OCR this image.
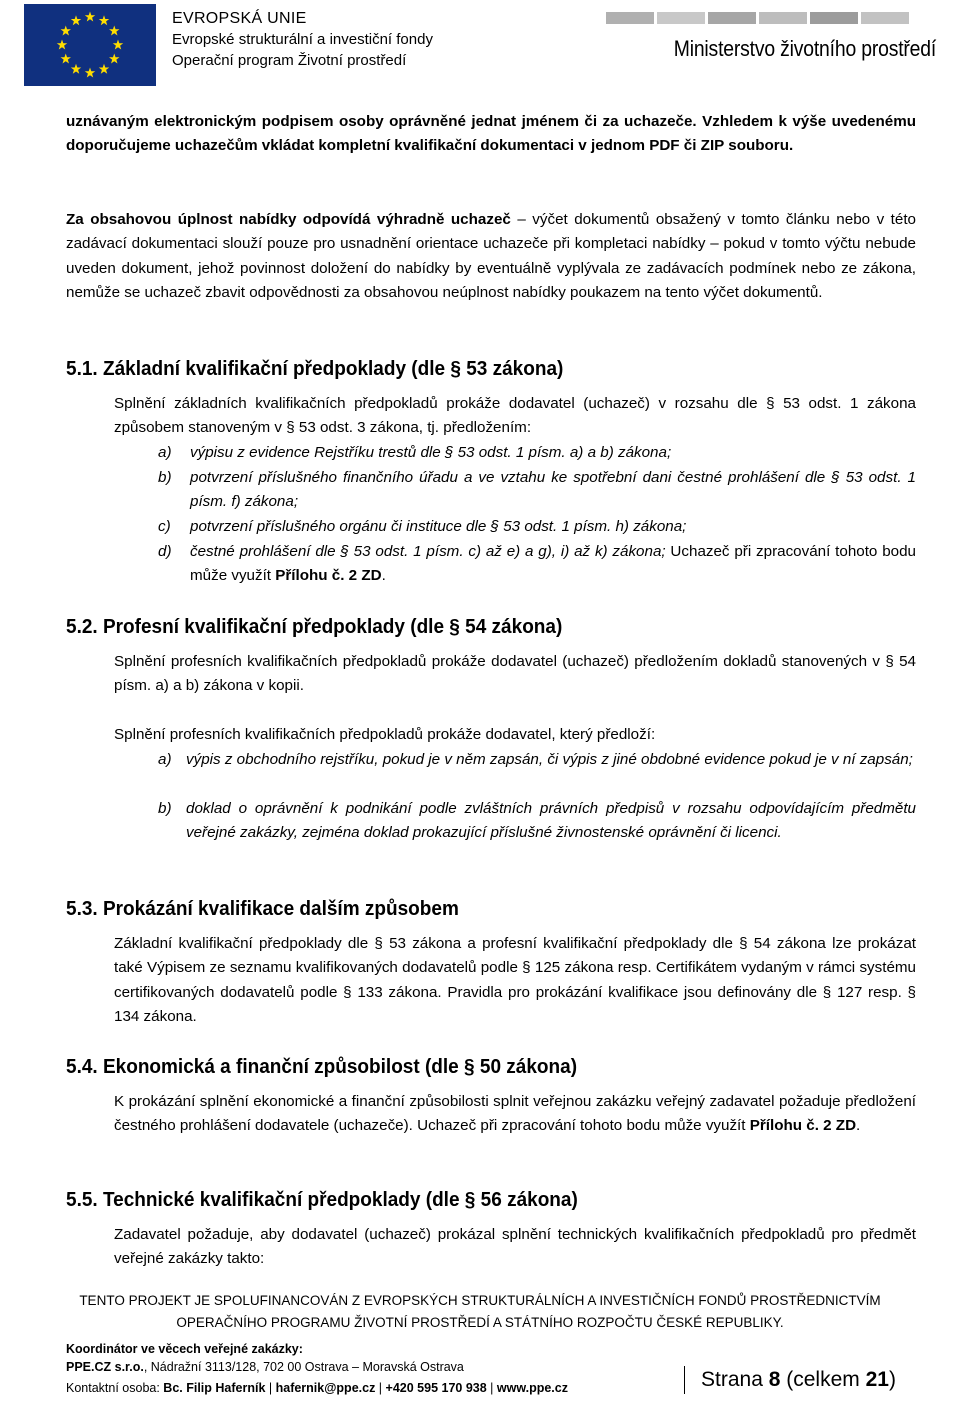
EVROPSKÁ UNIE
Evropské strukturální a investiční fondy
Operační program Životní prostředí	Ministerstvo životního prostředí
uznávaným elektronickým podpisem osoby oprávněné jednat jménem či za uchazeče. Vzhledem k výše uvedenému doporučujeme uchazečům vkládat kompletní kvalifikační dokumentaci v jednom PDF či ZIP souboru.
Za obsahovou úplnost nabídky odpovídá výhradně uchazeč – výčet dokumentů obsažený v tomto článku nebo v této zadávací dokumentaci slouží pouze pro usnadnění orientace uchazeče při kompletaci nabídky – pokud v tomto výčtu nebude uveden dokument, jehož povinnost doložení do nabídky by eventuálně vyplývala ze zadávacích podmínek nebo ze zákona, nemůže se uchazeč zbavit odpovědnosti za obsahovou neúplnost nabídky poukazem na tento výčet dokumentů.
5.1. Základní kvalifikační předpoklady (dle § 53 zákona)
Splnění základních kvalifikačních předpokladů prokáže dodavatel (uchazeč) v rozsahu dle § 53 odst. 1 zákona způsobem stanoveným v § 53 odst. 3 zákona, tj. předložením:
a) výpisu z evidence Rejstříku trestů dle § 53 odst. 1 písm. a) a b) zákona;
b) potvrzení příslušného finančního úřadu a ve vztahu ke spotřební dani čestné prohlášení dle § 53 odst. 1 písm. f) zákona;
c) potvrzení příslušného orgánu či instituce dle § 53 odst. 1 písm. h) zákona;
d) čestné prohlášení dle § 53 odst. 1 písm. c) až e) a g), i) až k) zákona; Uchazeč při zpracování tohoto bodu může využít Přílohu č. 2 ZD.
5.2. Profesní kvalifikační předpoklady (dle § 54 zákona)
Splnění profesních kvalifikačních předpokladů prokáže dodavatel (uchazeč) předložením dokladů stanovených v § 54 písm. a) a b) zákona v kopii.
Splnění profesních kvalifikačních předpokladů prokáže dodavatel, který předloží:
a) výpis z obchodního rejstříku, pokud je v něm zapsán, či výpis z jiné obdobné evidence pokud je v ní zapsán;
b) doklad o oprávnění k podnikání podle zvláštních právních předpisů v rozsahu odpovídajícím předmětu veřejné zakázky, zejména doklad prokazující příslušné živnostenské oprávnění či licenci.
5.3. Prokázání kvalifikace dalším způsobem
Základní kvalifikační předpoklady dle § 53 zákona a profesní kvalifikační předpoklady dle § 54 zákona lze prokázat také Výpisem ze seznamu kvalifikovaných dodavatelů podle § 125 zákona resp. Certifikátem vydaným v rámci systému certifikovaných dodavatelů podle § 133 zákona. Pravidla pro prokázání kvalifikace jsou definovány dle § 127 resp. § 134 zákona.
5.4. Ekonomická a finanční způsobilost (dle § 50 zákona)
K prokázání splnění ekonomické a finanční způsobilosti splnit veřejnou zakázku veřejný zadavatel požaduje předložení čestného prohlášení dodavatele (uchazeče). Uchazeč při zpracování tohoto bodu může využít Přílohu č. 2 ZD.
5.5. Technické kvalifikační předpoklady (dle § 56 zákona)
Zadavatel požaduje, aby dodavatel (uchazeč) prokázal splnění technických kvalifikačních předpokladů pro předmět veřejné zakázky takto:
TENTO PROJEKT JE SPOLUFINANCOVÁN Z EVROPSKÝCH STRUKTURÁLNÍCH A INVESTIČNÍCH FONDŮ PROSTŘEDNICTVÍM
OPERAČNÍHO PROGRAMU ŽIVOTNÍ PROSTŘEDÍ A STÁTNÍHO ROZPOČTU ČESKÉ REPUBLIKY.
Koordinátor ve věcech veřejné zakázky:
PPE.CZ s.r.o., Nádražní 3113/128, 702 00 Ostrava – Moravská Ostrava
Kontaktní osoba: Bc. Filip Haferník | hafernik@ppe.cz | +420 595 170 938 | www.ppe.cz	Strana 8 (celkem 21)
